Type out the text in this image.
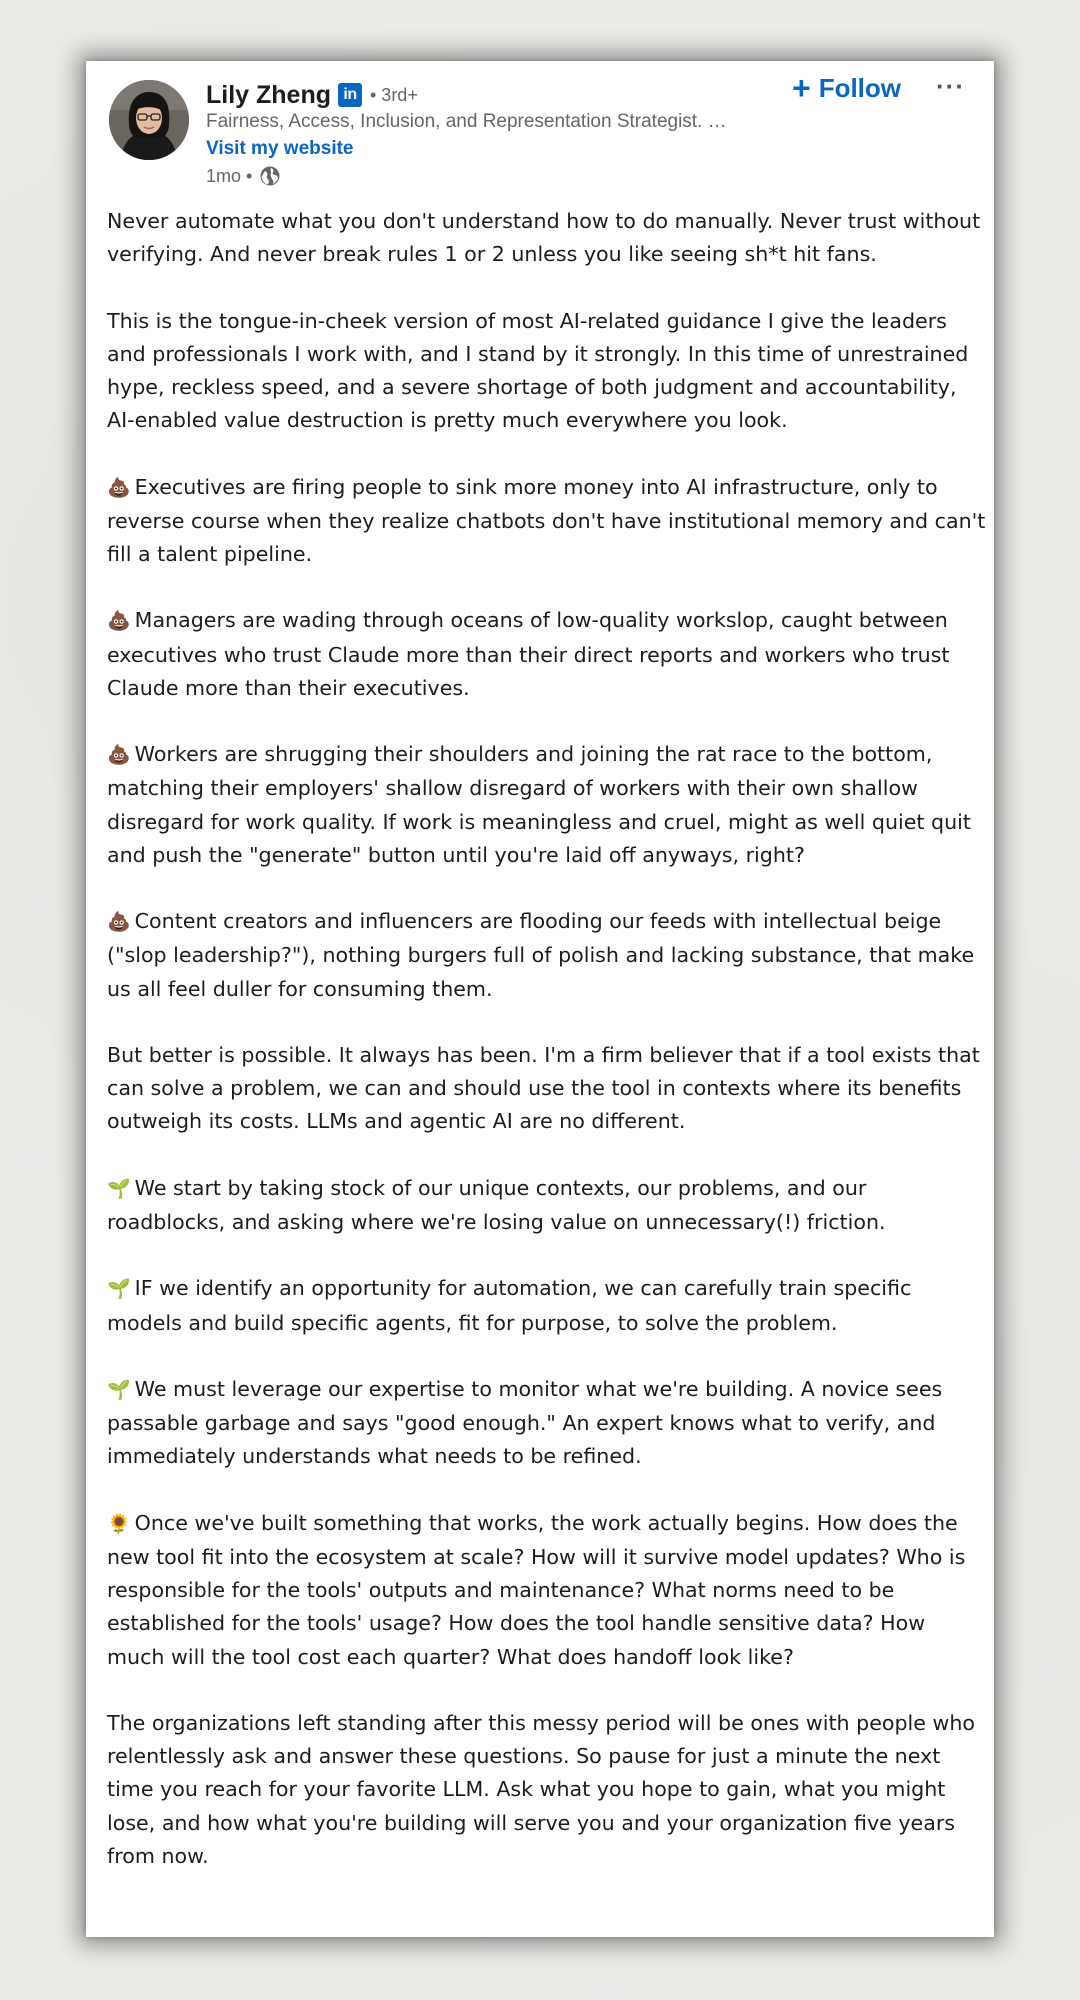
Lily Zheng in • 3rd+
Fairness, Access, Inclusion, and Representation Strategist. …
Visit my website
1mo •
+ Follow ···

Never automate what you don't understand how to do manually. Never trust without verifying. And never break rules 1 or 2 unless you like seeing sh*t hit fans.

This is the tongue-in-cheek version of most AI-related guidance I give the leaders and professionals I work with, and I stand by it strongly. In this time of unrestrained hype, reckless speed, and a severe shortage of both judgment and accountability, AI-enabled value destruction is pretty much everywhere you look.

💩 Executives are firing people to sink more money into AI infrastructure, only to reverse course when they realize chatbots don't have institutional memory and can't fill a talent pipeline.

💩 Managers are wading through oceans of low-quality workslop, caught between executives who trust Claude more than their direct reports and workers who trust Claude more than their executives.

💩 Workers are shrugging their shoulders and joining the rat race to the bottom, matching their employers' shallow disregard of workers with their own shallow disregard for work quality. If work is meaningless and cruel, might as well quiet quit and push the "generate" button until you're laid off anyways, right?

💩 Content creators and influencers are flooding our feeds with intellectual beige ("slop leadership?"), nothing burgers full of polish and lacking substance, that make us all feel duller for consuming them.

But better is possible. It always has been. I'm a firm believer that if a tool exists that can solve a problem, we can and should use the tool in contexts where its benefits outweigh its costs. LLMs and agentic AI are no different.

🌱 We start by taking stock of our unique contexts, our problems, and our roadblocks, and asking where we're losing value on unnecessary(!) friction.

🌱 IF we identify an opportunity for automation, we can carefully train specific models and build specific agents, fit for purpose, to solve the problem.

🌱 We must leverage our expertise to monitor what we're building. A novice sees passable garbage and says "good enough." An expert knows what to verify, and immediately understands what needs to be refined.

🌻 Once we've built something that works, the work actually begins. How does the new tool fit into the ecosystem at scale? How will it survive model updates? Who is responsible for the tools' outputs and maintenance? What norms need to be established for the tools' usage? How does the tool handle sensitive data? How much will the tool cost each quarter? What does handoff look like?

The organizations left standing after this messy period will be ones with people who relentlessly ask and answer these questions. So pause for just a minute the next time you reach for your favorite LLM. Ask what you hope to gain, what you might lose, and how what you're building will serve you and your organization five years from now.
